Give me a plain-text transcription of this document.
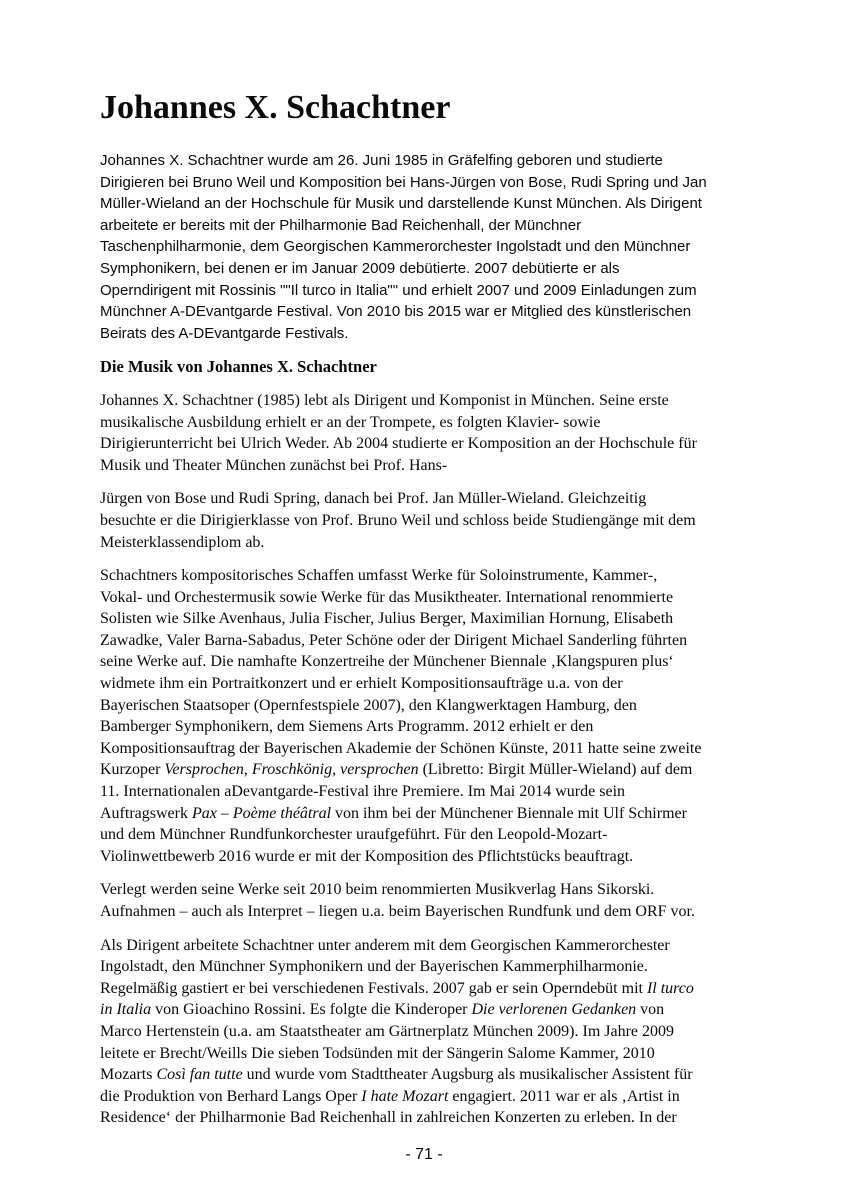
Johannes X. Schachtner
Johannes X. Schachtner wurde am 26. Juni 1985 in Gräfelfing geboren und studierte
Dirigieren bei Bruno Weil und Komposition bei Hans-Jürgen von Bose, Rudi Spring und Jan
Müller-Wieland an der Hochschule für Musik und darstellende Kunst München. Als Dirigent
arbeitete er bereits mit der Philharmonie Bad Reichenhall, der Münchner
Taschenphilharmonie, dem Georgischen Kammerorchester Ingolstadt und den Münchner
Symphonikern, bei denen er im Januar 2009 debütierte. 2007 debütierte er als
Operndirigent mit Rossinis ""Il turco in Italia"" und erhielt 2007 und 2009 Einladungen zum
Münchner A-DEvantgarde Festival. Von 2010 bis 2015 war er Mitglied des künstlerischen
Beirats des A-DEvantgarde Festivals.
Die Musik von Johannes X. Schachtner
Johannes X. Schachtner (1985) lebt als Dirigent und Komponist in München. Seine erste
musikalische Ausbildung erhielt er an der Trompete, es folgten Klavier- sowie
Dirigierunterricht bei Ulrich Weder. Ab 2004 studierte er Komposition an der Hochschule für
Musik und Theater München zunächst bei Prof. Hans-
Jürgen von Bose und Rudi Spring, danach bei Prof. Jan Müller-Wieland. Gleichzeitig
besuchte er die Dirigierklasse von Prof. Bruno Weil und schloss beide Studiengänge mit dem
Meisterklassendiplom ab.
Schachtners kompositorisches Schaffen umfasst Werke für Soloinstrumente, Kammer-,
Vokal- und Orchestermusik sowie Werke für das Musiktheater. International renommierte
Solisten wie Silke Avenhaus, Julia Fischer, Julius Berger, Maximilian Hornung, Elisabeth
Zawadke, Valer Barna-Sabadus, Peter Schöne oder der Dirigent Michael Sanderling führten
seine Werke auf. Die namhafte Konzertreihe der Münchener Biennale ‚Klangspuren plus‘
widmete ihm ein Portraitkonzert und er erhielt Kompositionsaufträge u.a. von der
Bayerischen Staatsoper (Opernfestspiele 2007), den Klangwerktagen Hamburg, den
Bamberger Symphonikern, dem Siemens Arts Programm. 2012 erhielt er den
Kompositionsauftrag der Bayerischen Akademie der Schönen Künste, 2011 hatte seine zweite
Kurzoper Versprochen, Froschkönig, versprochen (Libretto: Birgit Müller-Wieland) auf dem
11. Internationalen aDevantgarde-Festival ihre Premiere. Im Mai 2014 wurde sein
Auftragswerk Pax – Poème théâtral von ihm bei der Münchener Biennale mit Ulf Schirmer
und dem Münchner Rundfunkorchester uraufgeführt. Für den Leopold-Mozart-
Violinwettbewerb 2016 wurde er mit der Komposition des Pflichtstücks beauftragt.
Verlegt werden seine Werke seit 2010 beim renommierten Musikverlag Hans Sikorski.
Aufnahmen – auch als Interpret – liegen u.a. beim Bayerischen Rundfunk und dem ORF vor.
Als Dirigent arbeitete Schachtner unter anderem mit dem Georgischen Kammerorchester
Ingolstadt, den Münchner Symphonikern und der Bayerischen Kammerphilharmonie.
Regelmäßig gastiert er bei verschiedenen Festivals. 2007 gab er sein Operndebüt mit Il turco
in Italia von Gioachino Rossini. Es folgte die Kinderoper Die verlorenen Gedanken von
Marco Hertenstein (u.a. am Staatstheater am Gärtnerplatz München 2009). Im Jahre 2009
leitete er Brecht/Weills Die sieben Todsünden mit der Sängerin Salome Kammer, 2010
Mozarts Così fan tutte und wurde vom Stadttheater Augsburg als musikalischer Assistent für
die Produktion von Berhard Langs Oper I hate Mozart engagiert. 2011 war er als ‚Artist in
Residence‘ der Philharmonie Bad Reichenhall in zahlreichen Konzerten zu erleben. In der
- 71 -
